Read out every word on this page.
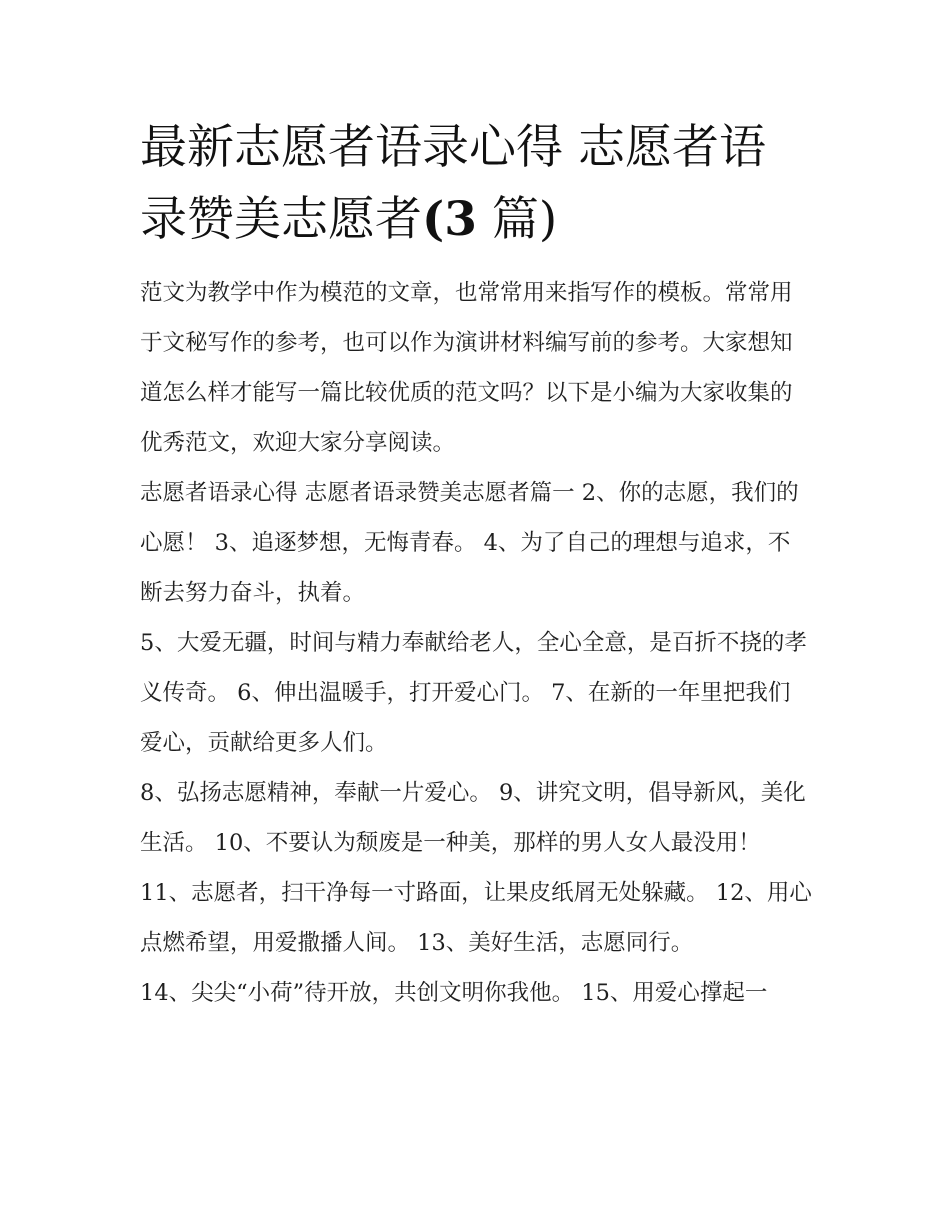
最新志愿者语录心得 志愿者语
录赞美志愿者(3 篇)

范文为教学中作为模范的文章，也常常用来指写作的模板。常常用于文秘写作的参考，也可以作为演讲材料编写前的参考。大家想知道怎么样才能写一篇比较优质的范文吗？以下是小编为大家收集的优秀范文，欢迎大家分享阅读。

志愿者语录心得 志愿者语录赞美志愿者篇一 2、你的志愿，我们的心愿！ 3、追逐梦想，无悔青春。 4、为了自己的理想与追求，不断去努力奋斗，执着。

5、大爱无疆，时间与精力奉献给老人，全心全意，是百折不挠的孝义传奇。 6、伸出温暖手，打开爱心门。 7、在新的一年里把我们爱心，贡献给更多人们。

8、弘扬志愿精神，奉献一片爱心。 9、讲究文明，倡导新风，美化生活。 10、不要认为颓废是一种美，那样的男人女人最没用！

11、志愿者，扫干净每一寸路面，让果皮纸屑无处躲藏。 12、用心点燃希望，用爱撒播人间。 13、美好生活，志愿同行。

14、尖尖“小荷”待开放，共创文明你我他。 15、用爱心撑起一
